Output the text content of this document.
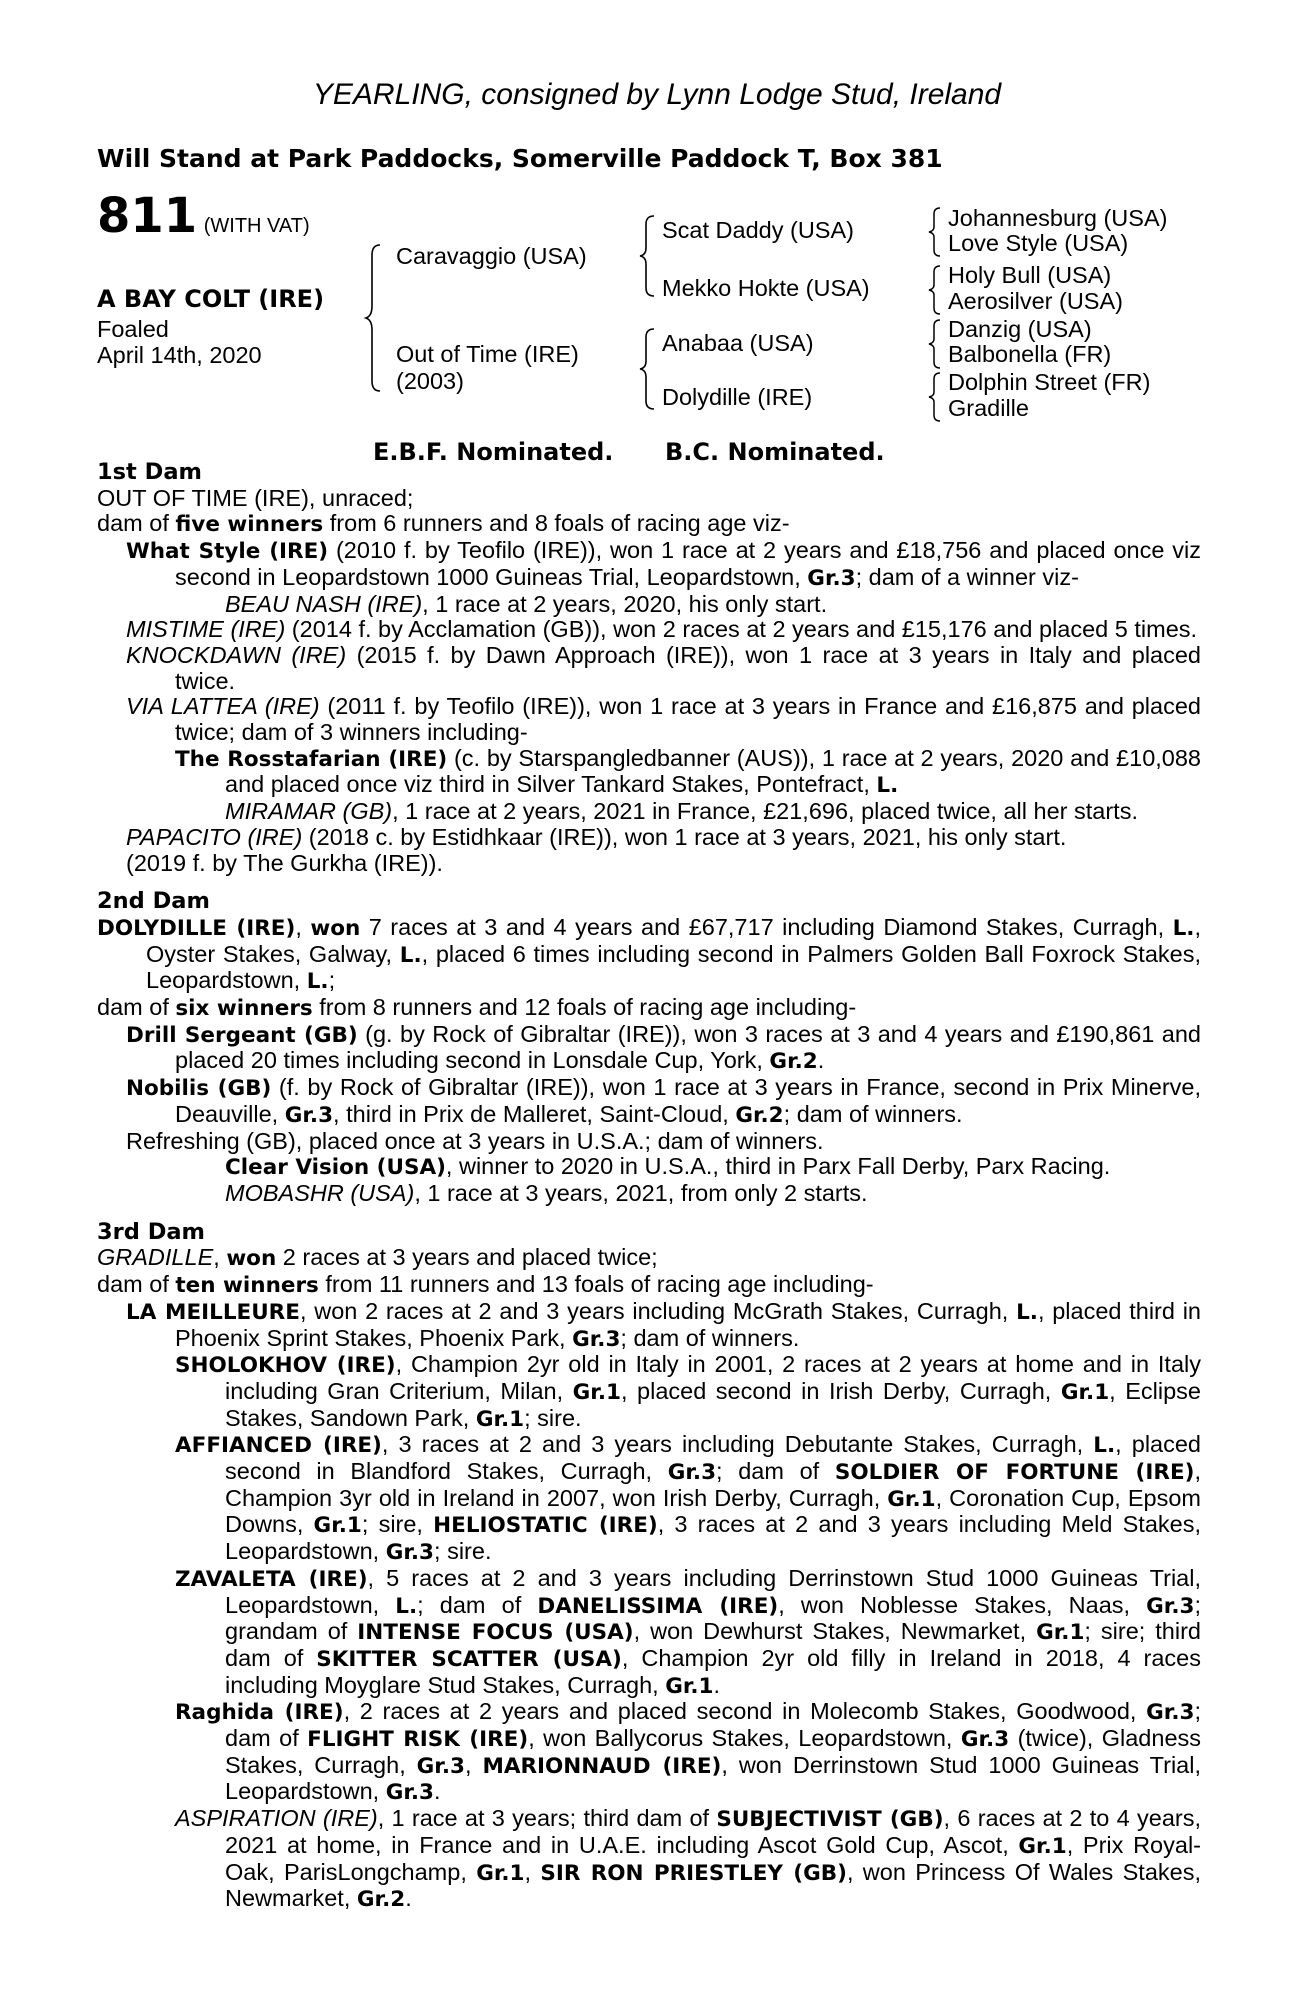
YEARLING, consigned by Lynn Lodge Stud, Ireland
Will Stand at Park Paddocks, Somerville Paddock T, Box 381
811 (WITH VAT)
A BAY COLT (IRE)
Foaled
April 14th, 2020
Caravaggio (USA)
Out of Time (IRE)
(2003)
Scat Daddy (USA)
Mekko Hokte (USA)
Anabaa (USA)
Dolydille (IRE)
Johannesburg (USA)
Love Style (USA)
Holy Bull (USA)
Aerosilver (USA)
Danzig (USA)
Balbonella (FR)
Dolphin Street (FR)
Gradille
E.B.F. Nominated. B.C. Nominated.
1st Dam
OUT OF TIME (IRE), unraced;
dam of five winners from 6 runners and 8 foals of racing age viz-
What Style (IRE) (2010 f. by Teofilo (IRE)), won 1 race at 2 years and £18,756 and placed once viz second in Leopardstown 1000 Guineas Trial, Leopardstown, Gr.3; dam of a winner viz-
BEAU NASH (IRE), 1 race at 2 years, 2020, his only start.
MISTIME (IRE) (2014 f. by Acclamation (GB)), won 2 races at 2 years and £15,176 and placed 5 times.
KNOCKDAWN (IRE) (2015 f. by Dawn Approach (IRE)), won 1 race at 3 years in Italy and placed twice.
VIA LATTEA (IRE) (2011 f. by Teofilo (IRE)), won 1 race at 3 years in France and £16,875 and placed twice; dam of 3 winners including-
The Rosstafarian (IRE) (c. by Starspangledbanner (AUS)), 1 race at 2 years, 2020 and £10,088 and placed once viz third in Silver Tankard Stakes, Pontefract, L.
MIRAMAR (GB), 1 race at 2 years, 2021 in France, £21,696, placed twice, all her starts.
PAPACITO (IRE) (2018 c. by Estidhkaar (IRE)), won 1 race at 3 years, 2021, his only start.
(2019 f. by The Gurkha (IRE)).
2nd Dam
DOLYDILLE (IRE), won 7 races at 3 and 4 years and £67,717 including Diamond Stakes, Curragh, L., Oyster Stakes, Galway, L., placed 6 times including second in Palmers Golden Ball Foxrock Stakes, Leopardstown, L.;
dam of six winners from 8 runners and 12 foals of racing age including-
Drill Sergeant (GB) (g. by Rock of Gibraltar (IRE)), won 3 races at 3 and 4 years and £190,861 and placed 20 times including second in Lonsdale Cup, York, Gr.2.
Nobilis (GB) (f. by Rock of Gibraltar (IRE)), won 1 race at 3 years in France, second in Prix Minerve, Deauville, Gr.3, third in Prix de Malleret, Saint-Cloud, Gr.2; dam of winners.
Refreshing (GB), placed once at 3 years in U.S.A.; dam of winners.
Clear Vision (USA), winner to 2020 in U.S.A., third in Parx Fall Derby, Parx Racing.
MOBASHR (USA), 1 race at 3 years, 2021, from only 2 starts.
3rd Dam
GRADILLE, won 2 races at 3 years and placed twice;
dam of ten winners from 11 runners and 13 foals of racing age including-
LA MEILLEURE, won 2 races at 2 and 3 years including McGrath Stakes, Curragh, L., placed third in Phoenix Sprint Stakes, Phoenix Park, Gr.3; dam of winners.
SHOLOKHOV (IRE), Champion 2yr old in Italy in 2001, 2 races at 2 years at home and in Italy including Gran Criterium, Milan, Gr.1, placed second in Irish Derby, Curragh, Gr.1, Eclipse Stakes, Sandown Park, Gr.1; sire.
AFFIANCED (IRE), 3 races at 2 and 3 years including Debutante Stakes, Curragh, L., placed second in Blandford Stakes, Curragh, Gr.3; dam of SOLDIER OF FORTUNE (IRE), Champion 3yr old in Ireland in 2007, won Irish Derby, Curragh, Gr.1, Coronation Cup, Epsom Downs, Gr.1; sire, HELIOSTATIC (IRE), 3 races at 2 and 3 years including Meld Stakes, Leopardstown, Gr.3; sire.
ZAVALETA (IRE), 5 races at 2 and 3 years including Derrinstown Stud 1000 Guineas Trial, Leopardstown, L.; dam of DANELISSIMA (IRE), won Noblesse Stakes, Naas, Gr.3; grandam of INTENSE FOCUS (USA), won Dewhurst Stakes, Newmarket, Gr.1; sire; third dam of SKITTER SCATTER (USA), Champion 2yr old filly in Ireland in 2018, 4 races including Moyglare Stud Stakes, Curragh, Gr.1.
Raghida (IRE), 2 races at 2 years and placed second in Molecomb Stakes, Goodwood, Gr.3; dam of FLIGHT RISK (IRE), won Ballycorus Stakes, Leopardstown, Gr.3 (twice), Gladness Stakes, Curragh, Gr.3, MARIONNAUD (IRE), won Derrinstown Stud 1000 Guineas Trial, Leopardstown, Gr.3.
ASPIRATION (IRE), 1 race at 3 years; third dam of SUBJECTIVIST (GB), 6 races at 2 to 4 years, 2021 at home, in France and in U.A.E. including Ascot Gold Cup, Ascot, Gr.1, Prix Royal-Oak, ParisLongchamp, Gr.1, SIR RON PRIESTLEY (GB), won Princess Of Wales Stakes, Newmarket, Gr.2.
